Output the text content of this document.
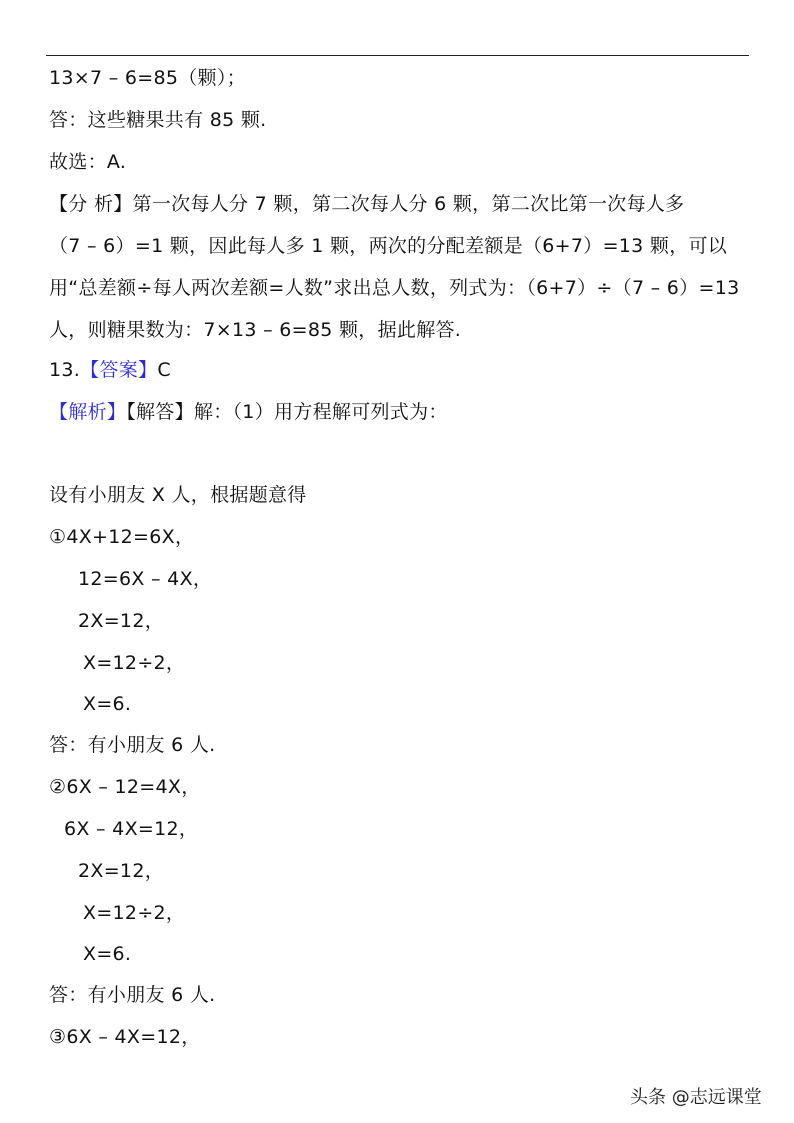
13×7 – 6=85（颗）；
答：这些糖果共有 85 颗.
故选：A.
【分 析】第一次每人分 7 颗，第二次每人分 6 颗，第二次比第一次每人多
（7 – 6）=1 颗，因此每人多 1 颗，两次的分配差额是（6+7）=13 颗，可以
用“总差额÷每人两次差额=人数”求出总人数，列式为：（6+7）÷（7 – 6）=13
人，则糖果数为：7×13 – 6=85 颗，据此解答.
13.【答案】C
【解析】【解答】解：（1）用方程解可列式为：
设有小朋友 X 人，根据题意得
①4X+12=6X，
12=6X – 4X，
2X=12，
X=12÷2，
X=6.
答：有小朋友 6 人.
②6X – 12=4X，
6X – 4X=12，
2X=12，
X=12÷2，
X=6.
答：有小朋友 6 人.
③6X – 4X=12，
头条 @志远课堂
